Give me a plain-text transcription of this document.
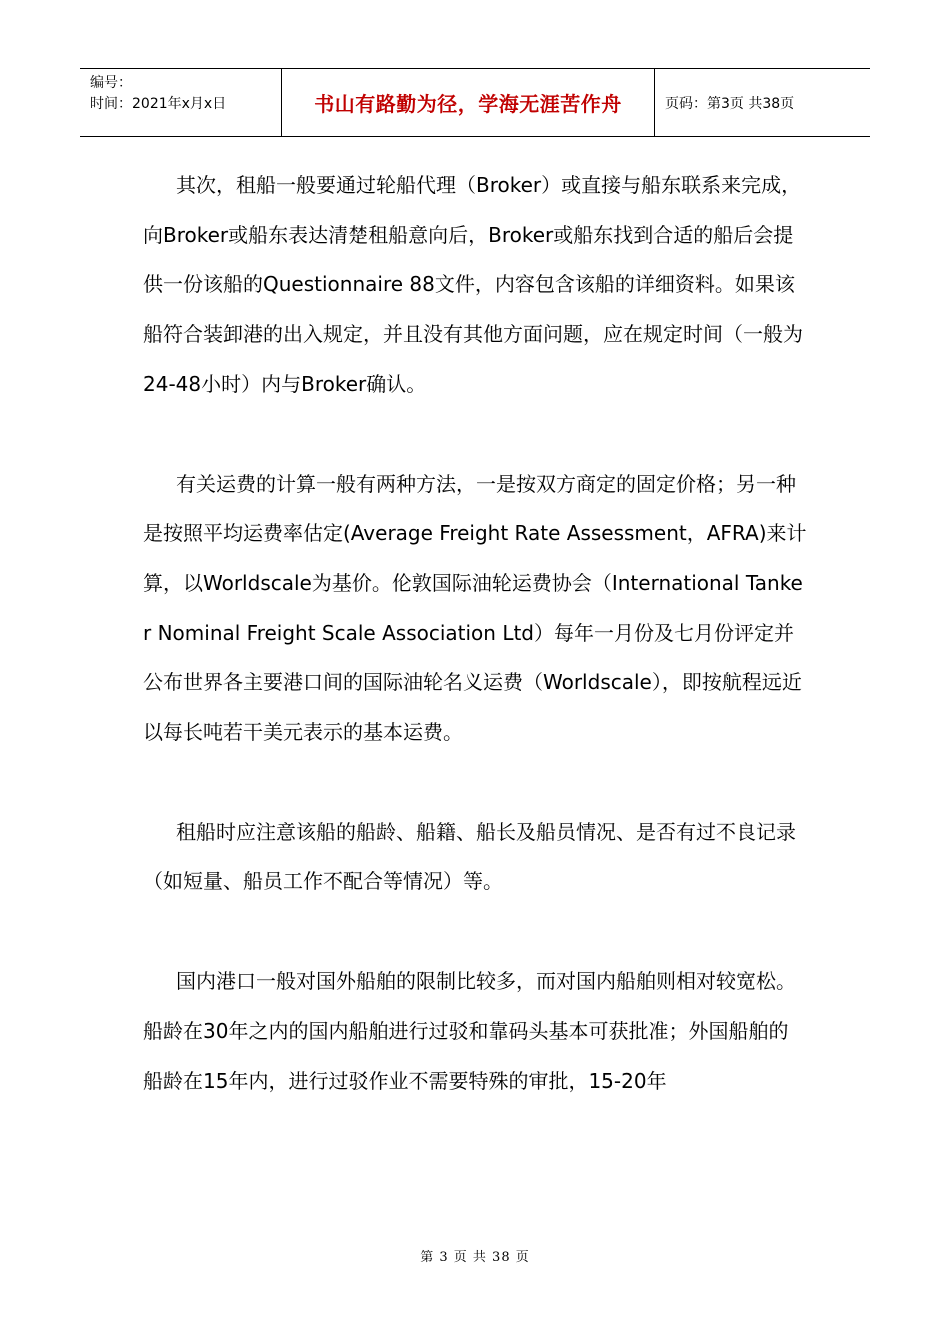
编号：
时间：2021年x月x日	书山有路勤为径，学海无涯苦作舟	页码：第3页 共38页

其次，租船一般要通过轮船代理（Broker）或直接与船东联系来完成，向Broker或船东表达清楚租船意向后，Broker或船东找到合适的船后会提供一份该船的Questionnaire 88文件，内容包含该船的详细资料。如果该船符合装卸港的出入规定，并且没有其他方面问题，应在规定时间（一般为24-48小时）内与Broker确认。

有关运费的计算一般有两种方法，一是按双方商定的固定价格；另一种是按照平均运费率估定(Average Freight Rate Assessment，AFRA)来计算，以Worldscale为基价。伦敦国际油轮运费协会（International Tanker Nominal Freight Scale Association Ltd）每年一月份及七月份评定并公布世界各主要港口间的国际油轮名义运费（Worldscale），即按航程远近以每长吨若干美元表示的基本运费。

租船时应注意该船的船龄、船籍、船长及船员情况、是否有过不良记录（如短量、船员工作不配合等情况）等。

国内港口一般对国外船舶的限制比较多，而对国内船舶则相对较宽松。船龄在30年之内的国内船舶进行过驳和靠码头基本可获批准；外国船舶的船龄在15年内，进行过驳作业不需要特殊的审批，15-20年

第 3 页 共 38 页
